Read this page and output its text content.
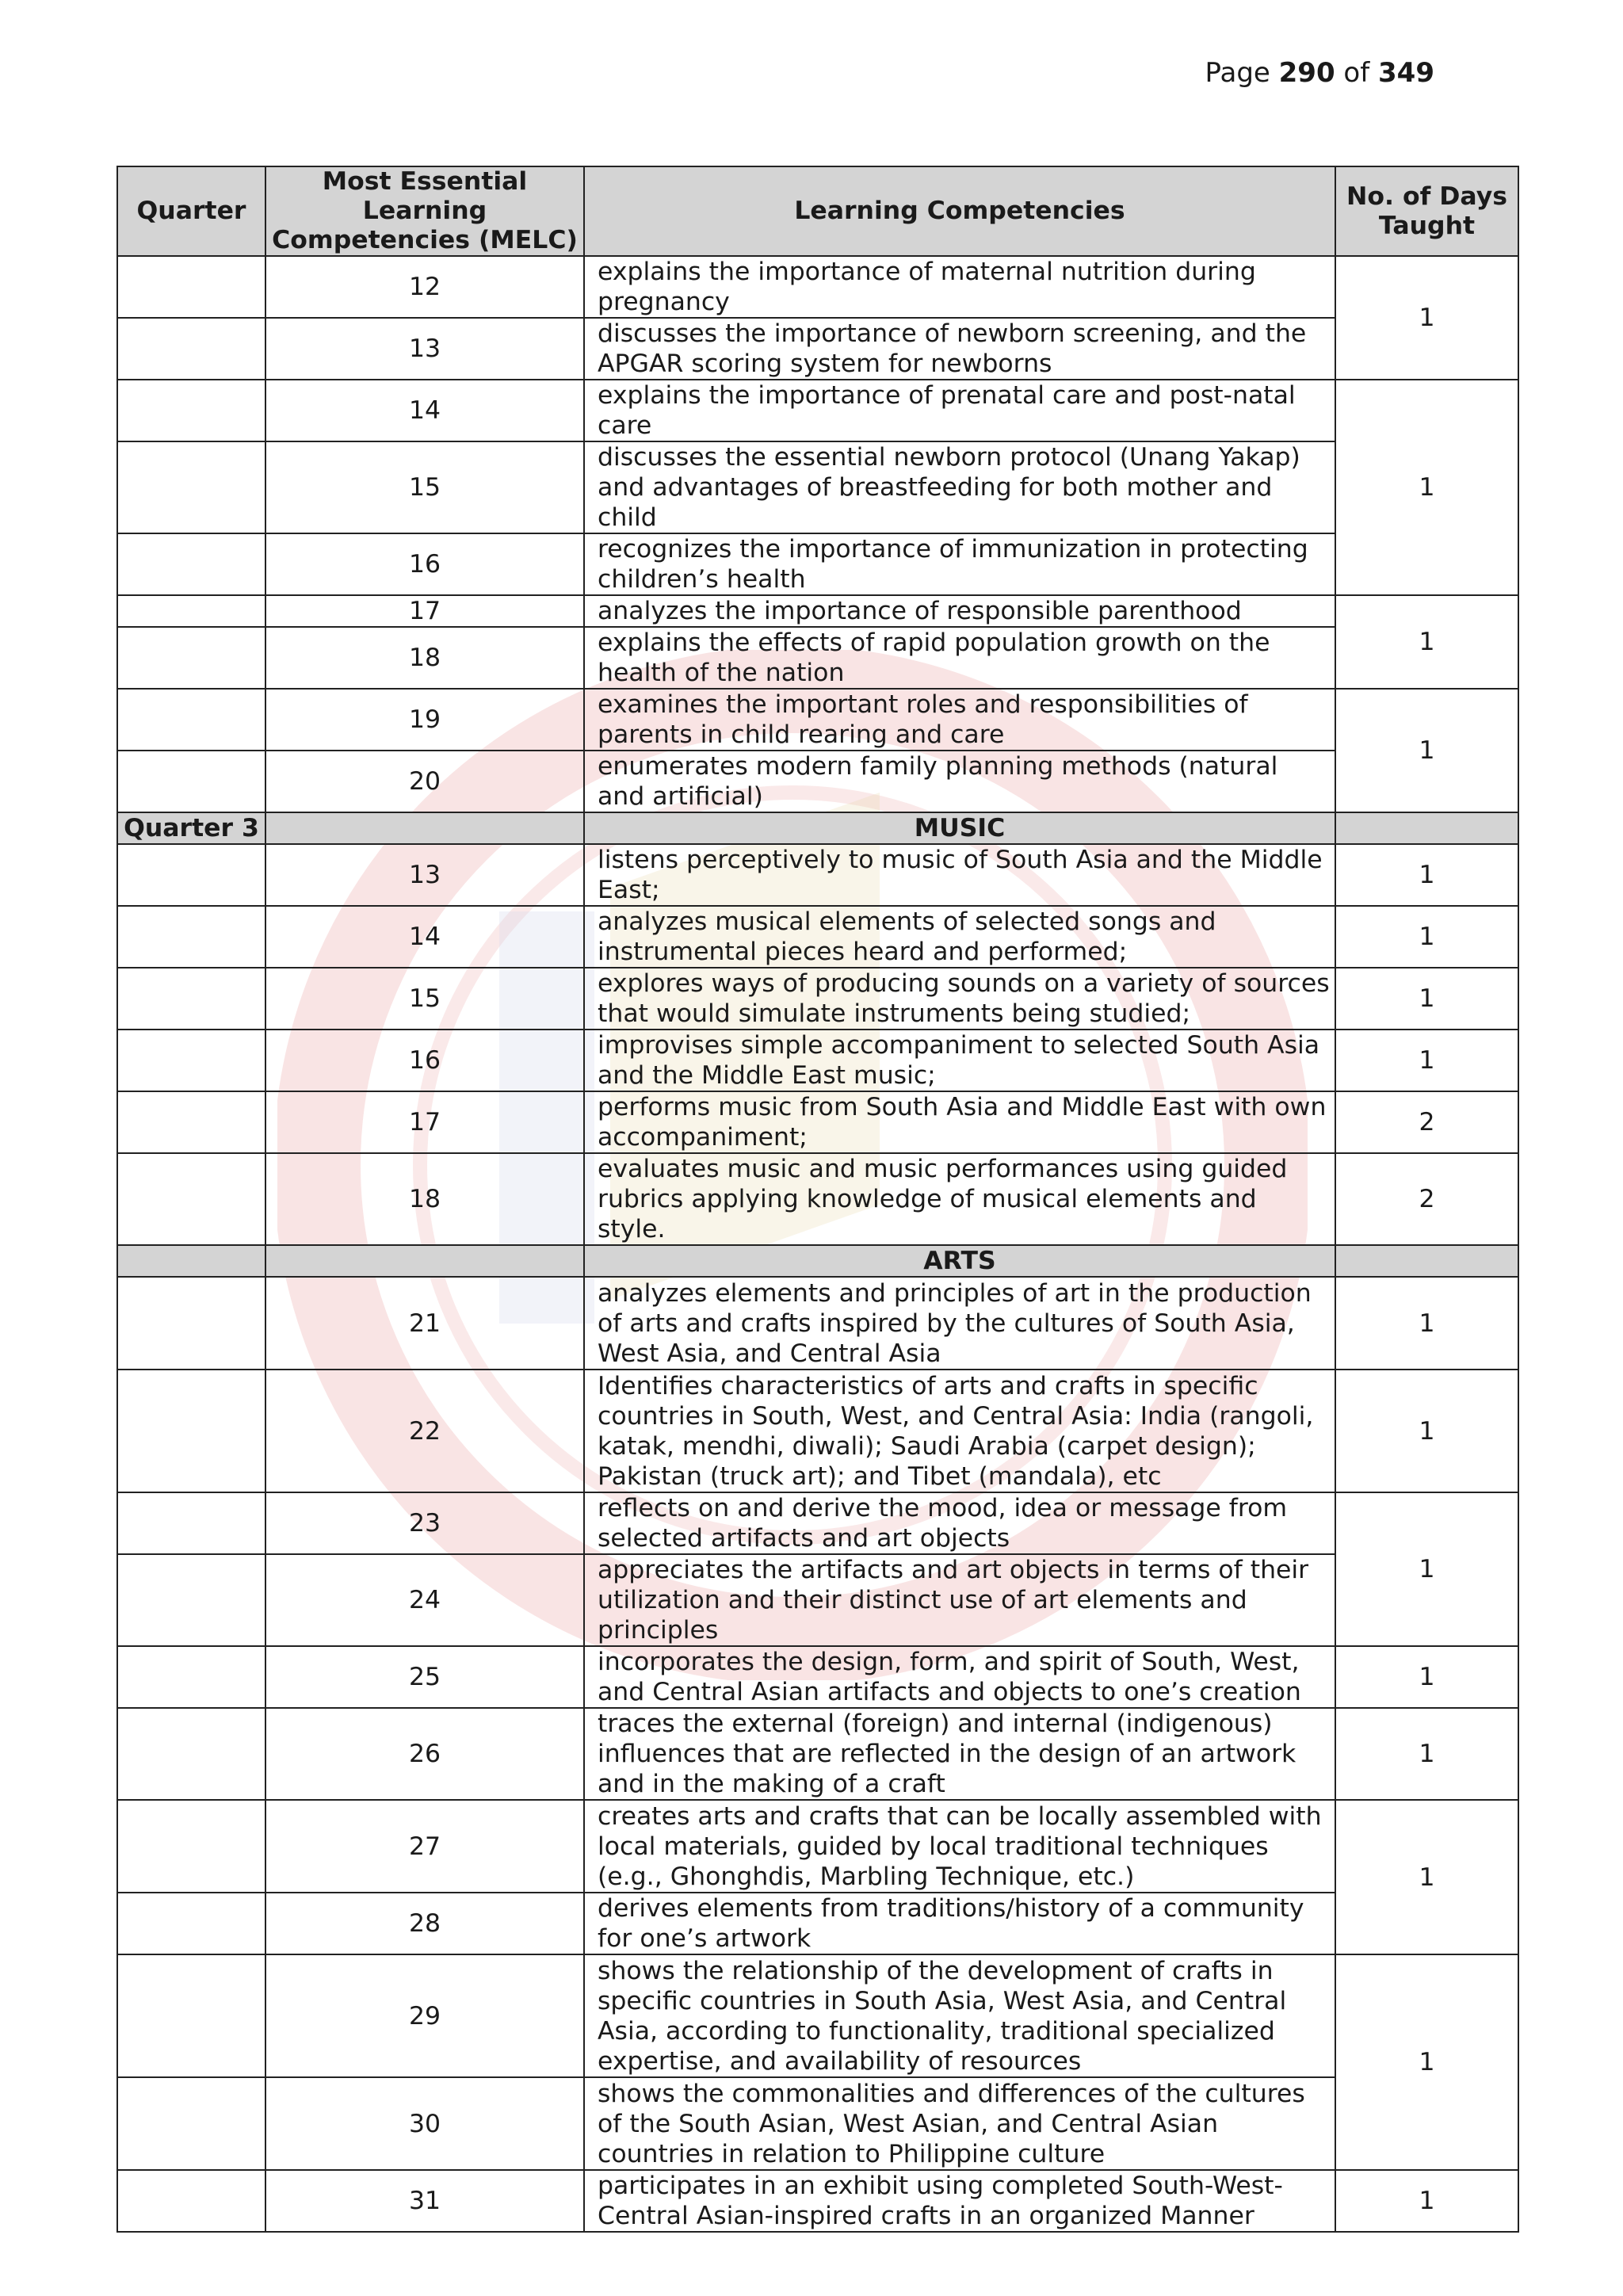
Page 290 of 349
Quarter	Most Essential Learning Competencies (MELC)	Learning Competencies	No. of Days Taught
	12	explains the importance of maternal nutrition during pregnancy	1
	13	discusses the importance of newborn screening, and the APGAR scoring system for newborns	
	14	explains the importance of prenatal care and post-natal care	1
	15	discusses the essential newborn protocol (Unang Yakap) and advantages of breastfeeding for both mother and child	
	16	recognizes the importance of immunization in protecting children’s health	
	17	analyzes the importance of responsible parenthood	1
	18	explains the effects of rapid population growth on the health of the nation	
	19	examines the important roles and responsibilities of parents in child rearing and care	1
	20	enumerates modern family planning methods (natural and artificial)	
Quarter 3		MUSIC	
	13	listens perceptively to music of South Asia and the Middle East;	1
	14	analyzes musical elements of selected songs and instrumental pieces heard and performed;	1
	15	explores ways of producing sounds on a variety of sources that would simulate instruments being studied;	1
	16	improvises simple accompaniment to selected South Asia and the Middle East music;	1
	17	performs music from South Asia and Middle East with own accompaniment;	2
	18	evaluates music and music performances using guided rubrics applying knowledge of musical elements and style.	2
		ARTS	
	21	analyzes elements and principles of art in the production of arts and crafts inspired by the cultures of South Asia, West Asia, and Central Asia	1
	22	Identifies characteristics of arts and crafts in specific countries in South, West, and Central Asia: India (rangoli, katak, mendhi, diwali); Saudi Arabia (carpet design); Pakistan (truck art); and Tibet (mandala), etc	1
	23	reflects on and derive the mood, idea or message from selected artifacts and art objects	1
	24	appreciates the artifacts and art objects in terms of their utilization and their distinct use of art elements and principles	
	25	incorporates the design, form, and spirit of South, West, and Central Asian artifacts and objects to one’s creation	1
	26	traces the external (foreign) and internal (indigenous) influences that are reflected in the design of an artwork and in the making of a craft	1
	27	creates arts and crafts that can be locally assembled with local materials, guided by local traditional techniques (e.g., Ghonghdis, Marbling Technique, etc.)	1
	28	derives elements from traditions/history of a community for one’s artwork	
	29	shows the relationship of the development of crafts in specific countries in South Asia, West Asia, and Central Asia, according to functionality, traditional specialized expertise, and availability of resources	1
	30	shows the commonalities and differences of the cultures of the South Asian, West Asian, and Central Asian countries in relation to Philippine culture	
	31	participates in an exhibit using completed South-West-Central Asian-inspired crafts in an organized Manner	1
